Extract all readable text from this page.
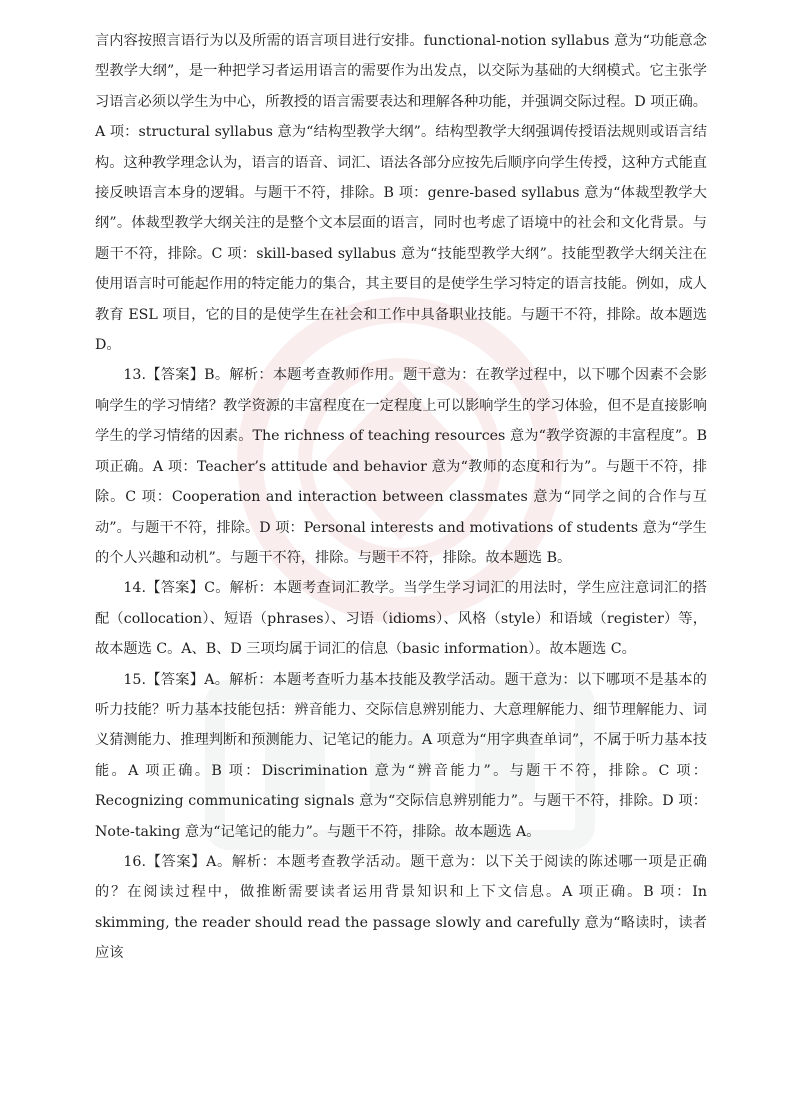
言内容按照言语行为以及所需的语言项目进行安排。functional-notion syllabus 意为“功能意念型教学大纲”，是一种把学习者运用语言的需要作为出发点，以交际为基础的大纲模式。它主张学习语言必须以学生为中心，所教授的语言需要表达和理解各种功能，并强调交际过程。D 项正确。A 项：structural syllabus 意为“结构型教学大纲”。结构型教学大纲强调传授语法规则或语言结构。这种教学理念认为，语言的语音、词汇、语法各部分应按先后顺序向学生传授，这种方式能直接反映语言本身的逻辑。与题干不符，排除。B 项：genre-based syllabus 意为“体裁型教学大纲”。体裁型教学大纲关注的是整个文本层面的语言，同时也考虑了语境中的社会和文化背景。与题干不符，排除。C 项：skill-based syllabus 意为“技能型教学大纲”。技能型教学大纲关注在使用语言时可能起作用的特定能力的集合，其主要目的是使学生学习特定的语言技能。例如，成人教育 ESL 项目，它的目的是使学生在社会和工作中具备职业技能。与题干不符，排除。故本题选 D。

13.【答案】B。解析：本题考查教师作用。题干意为：在教学过程中，以下哪个因素不会影响学生的学习情绪？教学资源的丰富程度在一定程度上可以影响学生的学习体验，但不是直接影响学生的学习情绪的因素。The richness of teaching resources 意为“教学资源的丰富程度”。B 项正确。A 项：Teacher’s attitude and behavior 意为“教师的态度和行为”。与题干不符，排除。C 项：Cooperation and interaction between classmates 意为“同学之间的合作与互动”。与题干不符，排除。D 项：Personal interests and motivations of students 意为“学生的个人兴趣和动机”。与题干不符，排除。与题干不符，排除。故本题选 B。

14.【答案】C。解析：本题考查词汇教学。当学生学习词汇的用法时，学生应注意词汇的搭配（collocation）、短语（phrases）、习语（idioms）、风格（style）和语域（register）等，故本题选 C。A、B、D 三项均属于词汇的信息（basic information）。故本题选 C。

15.【答案】A。解析：本题考查听力基本技能及教学活动。题干意为：以下哪项不是基本的听力技能？听力基本技能包括：辨音能力、交际信息辨别能力、大意理解能力、细节理解能力、词义猜测能力、推理判断和预测能力、记笔记的能力。A 项意为“用字典查单词”，不属于听力基本技能。A 项正确。B 项：Discrimination 意为“辨音能力”。与题干不符，排除。C 项：Recognizing communicating signals 意为“交际信息辨别能力”。与题干不符，排除。D 项：Note-taking 意为“记笔记的能力”。与题干不符，排除。故本题选 A。

16.【答案】A。解析：本题考查教学活动。题干意为：以下关于阅读的陈述哪一项是正确的？在阅读过程中，做推断需要读者运用背景知识和上下文信息。A 项正确。B 项：In skimming, the reader should read the passage slowly and carefully 意为“略读时，读者应该
